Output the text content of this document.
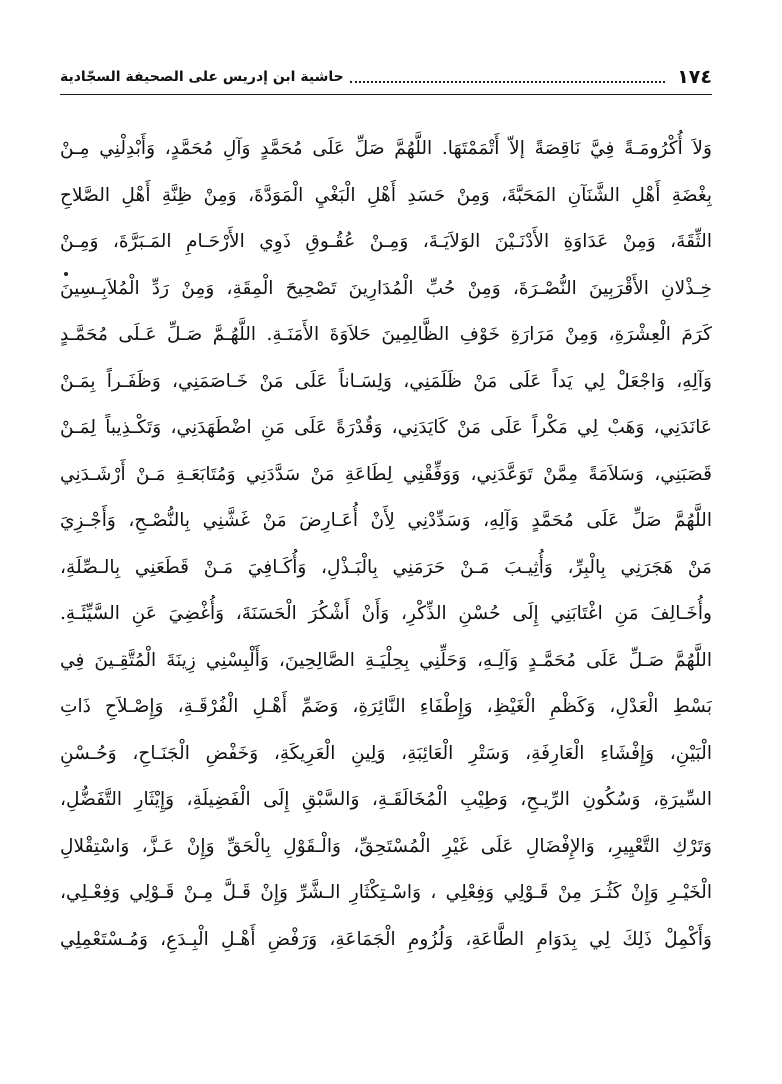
١٧٤
حاشية ابن إدريس على الصحيفة السجّادية
وَلاَ أُكْرُومَـةً فِيَّ نَاقِصَةً إلاّ أَتْمَمْتَهَا. اللَّهُمَّ صَلِّ عَلَى مُحَمَّدٍ وَآلِ مُحَمَّدٍ، وَأَبْدِلْنِي مِـنْ
بِغْضَةِ أَهْلِ الشَّنَآنِ المَحَبَّةَ، وَمِنْ حَسَدِ أَهْلِ الْبَغْيِ الْمَوَدَّةَ، وَمِنْ ظِنَّةِ أَهْلِ الصَّلاحِ
الثِّقَةَ، وَمِنْ عَدَاوَةِ الأَدْنَـيْنَ الوَلاَيَـةَ، وَمِـنْ عُقُـوقِ ذَوِي الأَرْحَـامِ المَـبَرَّةَ، وَمِـنْ
خِـذْلانِ الأَقْرَبِينَ النُّصْـرَةَ، وَمِنْ حُبِّ الْمُدَارِينَ تَصْحِيحَ الْمِقَةِ، وَمِنْ رَدِّ الْمُلاَبِـسِينَ
كَرَمَ الْعِشْرَةِ، وَمِنْ مَرَارَةِ خَوْفِ الظَّالِمِينَ حَلاَوَةَ الأَمَنَـةِ. اللَّهُـمَّ صَـلِّ عَـلَى مُحَمَّـدٍ
وَآلِهِ، وَاجْعَلْ لِي يَداً عَلَى مَنْ ظَلَمَنِي، وَلِسَـاناً عَلَى مَنْ خَـاصَمَنِي، وَظَفَـراً بِمَـنْ
عَانَدَنِي، وَهَبْ لِي مَكْراً عَلَى مَنْ كَايَدَنِي، وَقُدْرَةً عَلَى مَنِ اضْطَهَدَنِي، وَتَكْـذِيباً لِمَـنْ
قَصَبَنِي، وَسَلاَمَةً مِمَّنْ تَوَعَّدَنِي، وَوَفِّقْنِي لِطَاعَةِ مَنْ سَدَّدَنِي وَمُتَابَعَـةِ مَـنْ أَرْشَـدَنِي
اللَّهُمَّ صَلِّ عَلَى مُحَمَّدٍ وَآلِهِ، وَسَدِّدْنِي لِأَنْ أُعَـارِضَ مَنْ غَشَّنِي بِالنُّصْـحِ، وَأَجْـزِيَ
مَنْ هَجَرَنِي بِالْبِرِّ، وَأُثِيـبَ مَـنْ حَرَمَنِي بِالْبَـذْلِ، وَأُكَـافِيَ مَـنْ قَطَعَنِي بِالـصِّلَةِ،
وأُخَـالِفَ مَنِ اغْتَابَنِي إِلَى حُسْنِ الذِّكْرِ، وَأَنْ أَشْكُرَ الْحَسَنَةَ، وَأُغْضِيَ عَنِ السَّيِّئَـةِ.
اللَّهُمَّ صَـلِّ عَلَى مُحَمَّـدٍ وَآلِـهِ، وَحَلِّنِي بِحِلْيَـةِ الصَّالِحِينَ، وَأَلْبِسْنِي زِينَةَ الْمُتَّقِـينَ فِي
بَسْطِ الْعَدْلِ، وَكَظْمِ الْغَيْظِ، وَإِطْفَاءِ النَّائِرَةِ، وَضَمِّ أَهْـلِ الْفُرْقَـةِ، وَإِصْـلاَحِ ذَاتِ
الْبَيْنِ، وَإِفْشَاءِ الْعَارِفَةِ، وَسَتْرِ الْعَائِبَةِ، وَلِينِ الْعَرِيكَةِ، وَخَفْضِ الْجَنَـاحِ، وَحُـسْنِ
السِّيرَةِ، وَسُكُونِ الرِّيـحِ، وَطِيْبِ الْمُخَالَقَـةِ، وَالسَّبْقِ إِلَى الْفَضِيلَةِ، وَإِيْثَارِ التَّفَضُّلِ،
وَتَرْكِ التَّعْيِيرِ، وَالإِفْضَالِ عَلَى غَيْرِ الْمُسْتَحِقِّ، وَالْـقَوْلِ بِالْحَقِّ وَإِنْ عَـزَّ، وَاسْتِقْلالِ
الْخَيْـرِ وَإِنْ كَثُـرَ مِنْ قَـوْلِي وَفِعْلِي ، وَاسْـتِكْثَارِ الـشَّرِّ وَإِنْ قَـلَّ مِـنْ قَـوْلِي وَفِعْـلِي،
وَأَكْمِلْ ذَلِكَ لِي بِدَوَامِ الطَّاعَةِ، وَلُزُومِ الْجَمَاعَةِ، وَرَفْضِ أَهْـلِ الْبِـدَعِ، وَمُـسْتَعْمِلِي
